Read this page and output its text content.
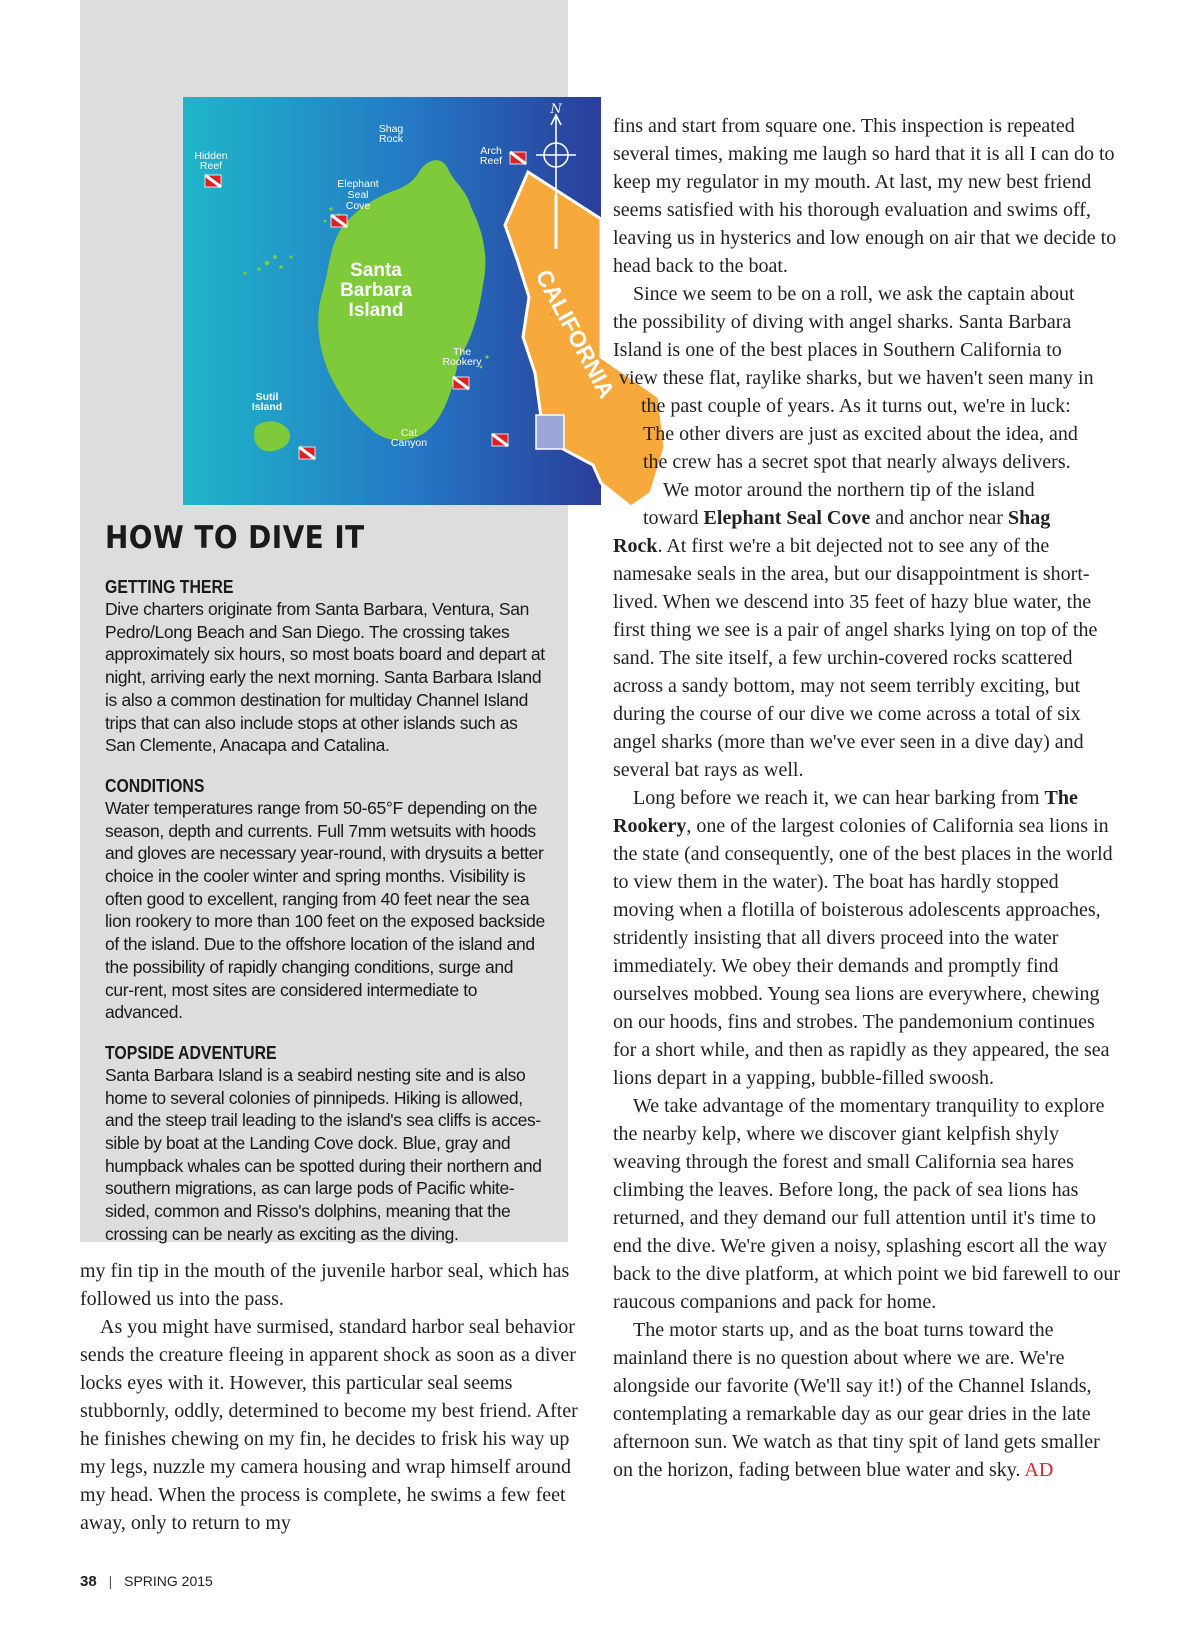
N
Shag
Rock
Arch
Reef
Hidden
Reef
Elephant
Seal
Cove
The
Rookery
Sutil
Island
Cat
Canyon
Santa
Barbara
Island	CALIFORNIA
HOW TO DIVE IT
GETTING THERE

Dive charters originate from Santa Barbara, Ventura, San Pedro/Long Beach and San Diego. The crossing takes approximately six hours, so most boats board and depart at night, arriving early the next morning. Santa Barbara Island is also a common destination for multiday Channel Island trips that can also include stops at other islands such as San Clemente, Anacapa and Catalina.

CONDITIONS

Water temperatures range from 50-65°F depending on the season, depth and currents. Full 7mm wetsuits with hoods and gloves are necessary year-round, with drysuits a better choice in the cooler winter and spring months. Visibility is often good to excellent, ranging from 40 feet near the sea lion rookery to more than 100 feet on the exposed backside of the island. Due to the offshore location of the island and the possibility of rapidly changing conditions, surge and cur-rent, most sites are considered intermediate to advanced.

TOPSIDE ADVENTURE

Santa Barbara Island is a seabird nesting site and is also home to several colonies of pinnipeds. Hiking is allowed, and the steep trail leading to the island's sea cliffs is acces-sible by boat at the Landing Cove dock. Blue, gray and humpback whales can be spotted during their northern and southern migrations, as can large pods of Pacific white-sided, common and Risso's dolphins, meaning that the crossing can be nearly as exciting as the diving.

my fin tip in the mouth of the juvenile harbor seal, which has followed us into the pass.

As you might have surmised, standard harbor seal behavior sends the creature fleeing in apparent shock as soon as a diver locks eyes with it. However, this particular seal seems stubbornly, oddly, determined to become my best friend. After he finishes chewing on my fin, he decides to frisk his way up my legs, nuzzle my camera housing and wrap himself around my head. When the process is complete, he swims a few feet away, only to return to my

fins and start from square one. This inspection is repeated several times, making me laugh so hard that it is all I can do to keep my regulator in my mouth. At last, my new best friend seems satisfied with his thorough evaluation and swims off, leaving us in hysterics and low enough on air that we decide to head back to the boat.

Since we seem to be on a roll, we ask the captain about
the possibility of diving with angel sharks. Santa Barbara
Island is one of the best places in Southern California to
view these flat, raylike sharks, but we haven't seen many in
the past couple of years. As it turns out, we're in luck:
The other divers are just as excited about the idea, and
the crew has a secret spot that nearly always delivers.
We motor around the northern tip of the island
toward Elephant Seal Cove and anchor near Shag

Rock. At first we're a bit dejected not to see any of the namesake seals in the area, but our disappointment is short-lived. When we descend into 35 feet of hazy blue water, the first thing we see is a pair of angel sharks lying on top of the sand. The site itself, a few urchin-covered rocks scattered across a sandy bottom, may not seem terribly exciting, but during the course of our dive we come across a total of six angel sharks (more than we've ever seen in a dive day) and several bat rays as well.

Long before we reach it, we can hear barking from The Rookery, one of the largest colonies of California sea lions in the state (and consequently, one of the best places in the world to view them in the water). The boat has hardly stopped moving when a flotilla of boisterous adolescents approaches, stridently insisting that all divers proceed into the water immediately. We obey their demands and promptly find ourselves mobbed. Young sea lions are everywhere, chewing on our hoods, fins and strobes. The pandemonium continues for a short while, and then as rapidly as they appeared, the sea lions depart in a yapping, bubble-filled swoosh.

We take advantage of the momentary tranquility to explore the nearby kelp, where we discover giant kelpfish shyly weaving through the forest and small California sea hares climbing the leaves. Before long, the pack of sea lions has returned, and they demand our full attention until it's time to end the dive. We're given a noisy, splashing escort all the way back to the dive platform, at which point we bid farewell to our raucous companions and pack for home.

The motor starts up, and as the boat turns toward the mainland there is no question about where we are. We're alongside our favorite (We'll say it!) of the Channel Islands, contemplating a remarkable day as our gear dries in the late afternoon sun. We watch as that tiny spit of land gets smaller on the horizon, fading between blue water and sky. AD

38 | SPRING 2015
